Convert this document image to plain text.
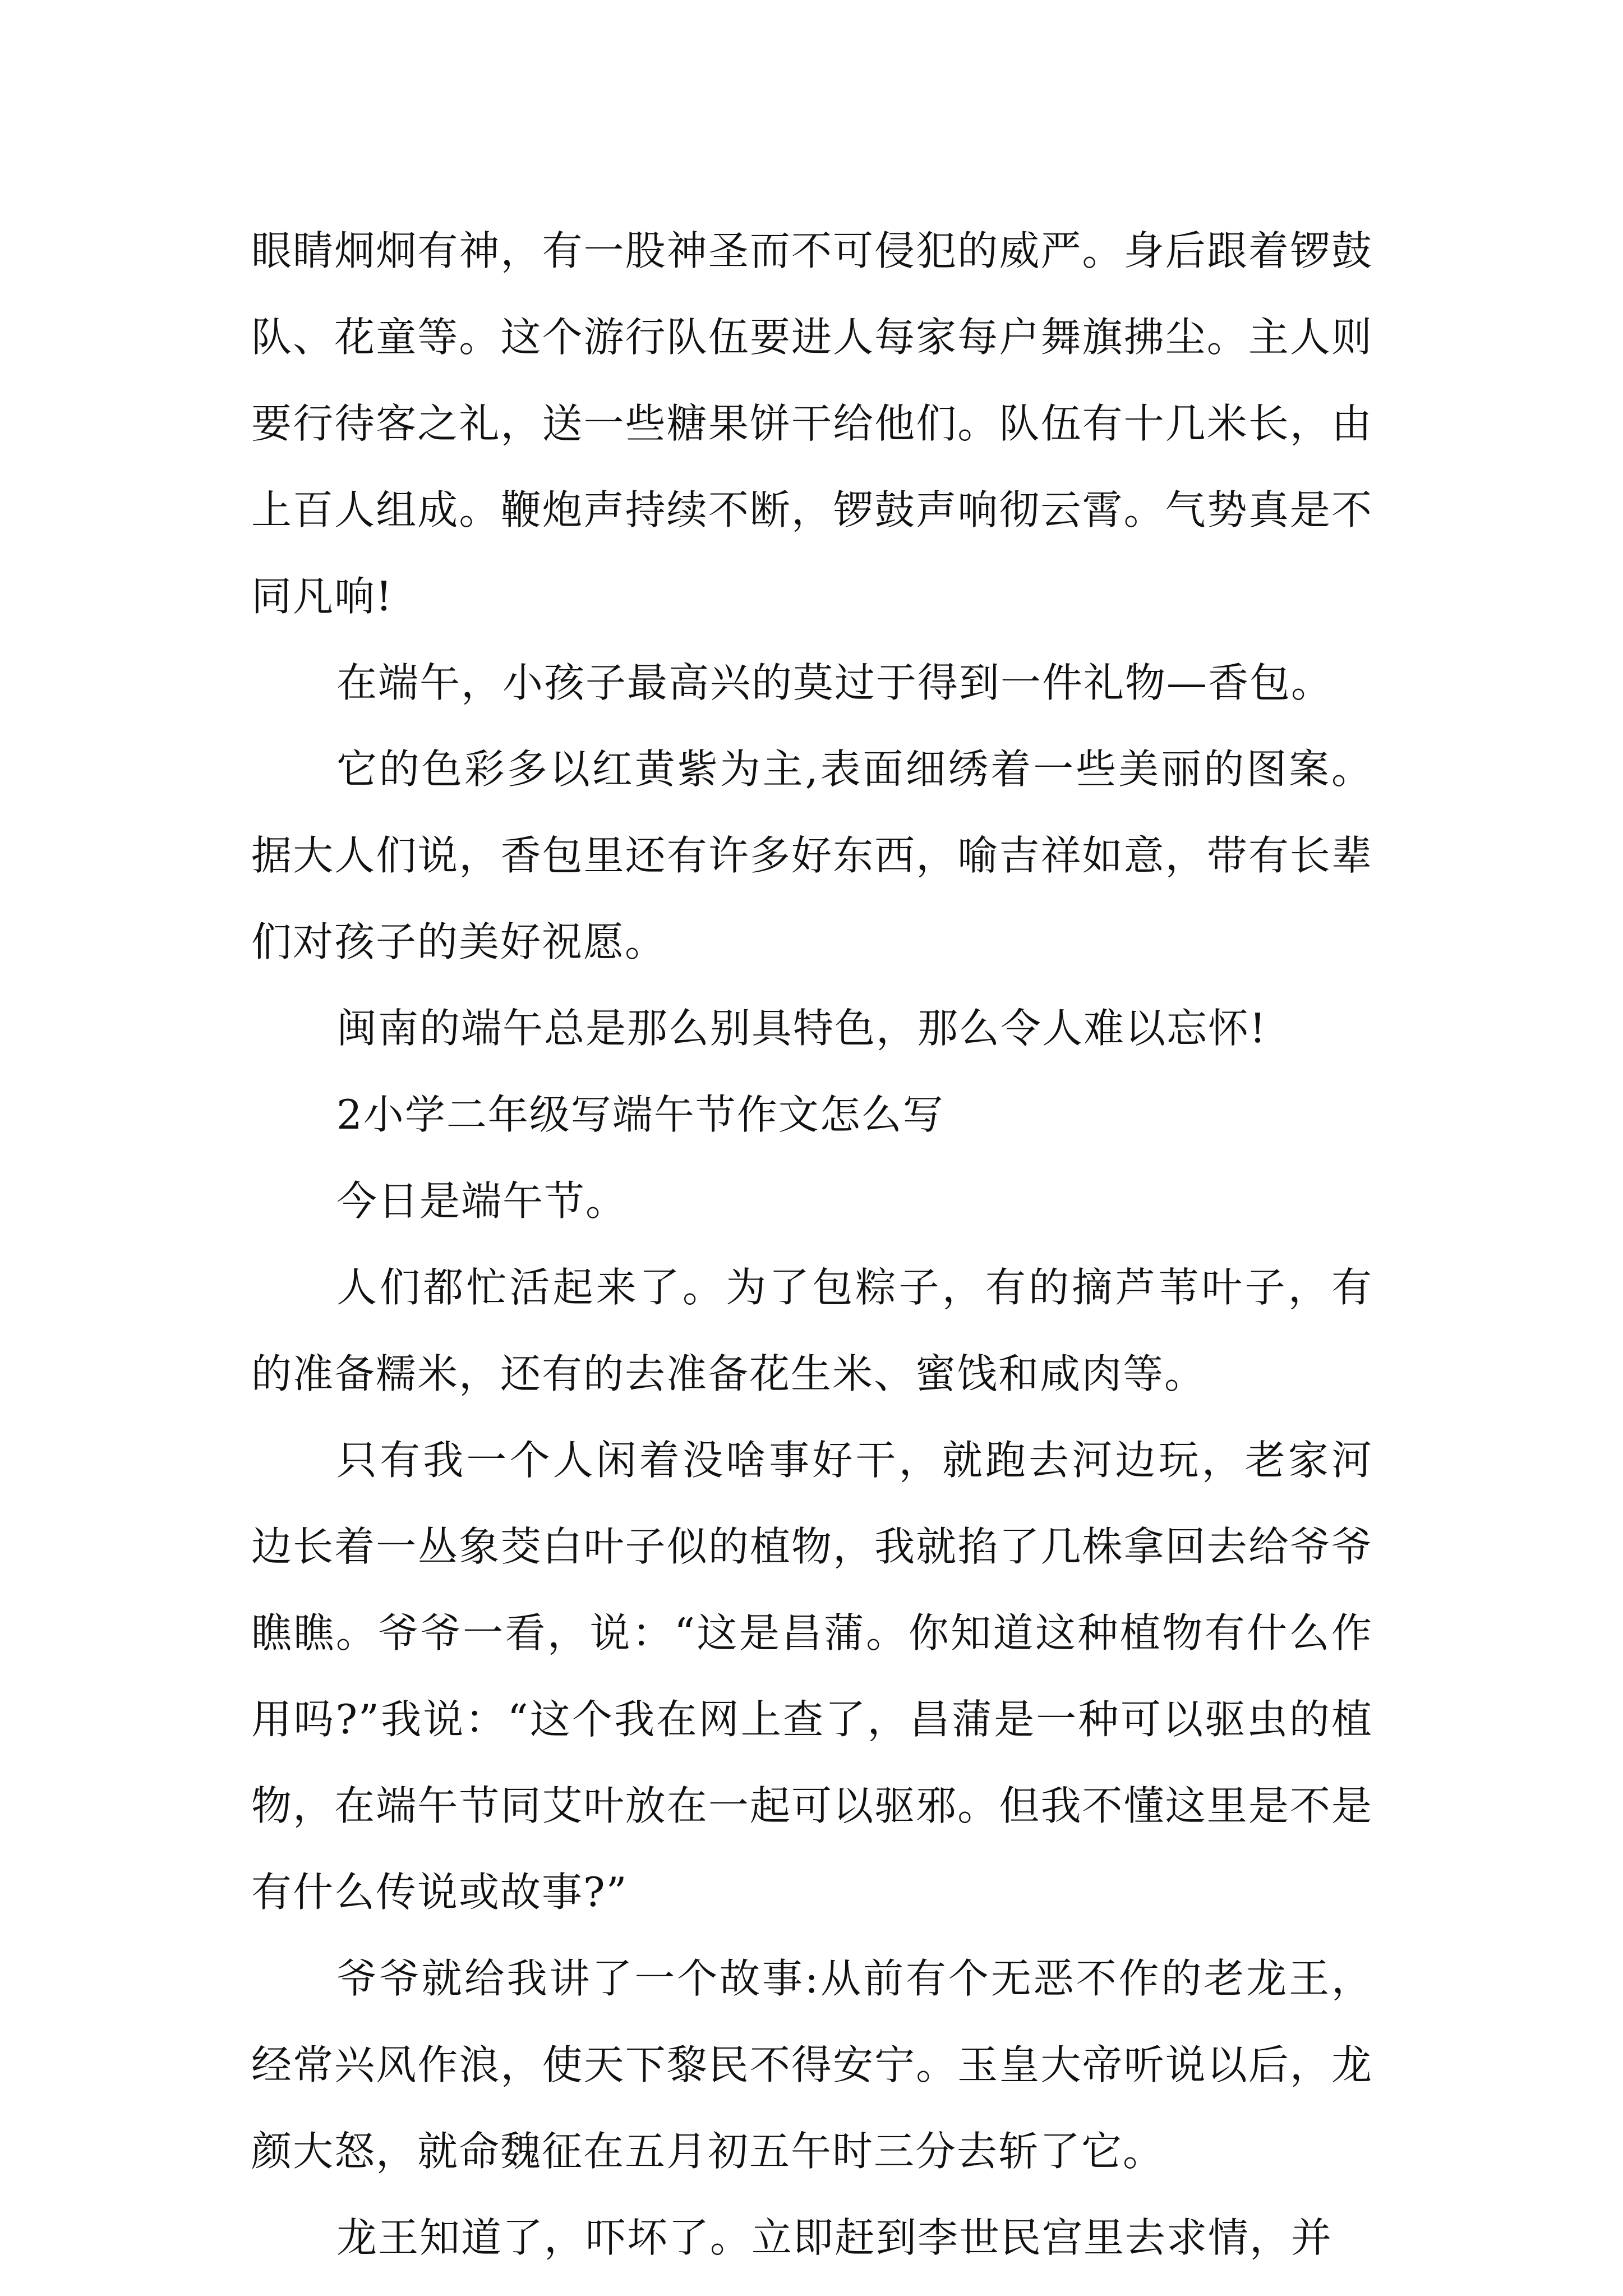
眼睛炯炯有神，有一股神圣而不可侵犯的威严。身后跟着锣鼓队、花童等。这个游行队伍要进人每家每户舞旗拂尘。主人则要行待客之礼，送一些糖果饼干给他们。队伍有十几米长，由上百人组成。鞭炮声持续不断，锣鼓声响彻云霄。气势真是不同凡响!

在端午，小孩子最高兴的莫过于得到一件礼物—香包。

它的色彩多以红黄紫为主,表面细绣着一些美丽的图案。据大人们说，香包里还有许多好东西，喻吉祥如意，带有长辈们对孩子的美好祝愿。

闽南的端午总是那么别具特色，那么令人难以忘怀!

2小学二年级写端午节作文怎么写

今日是端午节。

人们都忙活起来了。为了包粽子，有的摘芦苇叶子，有的准备糯米，还有的去准备花生米、蜜饯和咸肉等。

只有我一个人闲着没啥事好干，就跑去河边玩，老家河边长着一丛象茭白叶子似的植物，我就掐了几株拿回去给爷爷瞧瞧。爷爷一看，说：“这是昌蒲。你知道这种植物有什么作用吗?”我说：“这个我在网上查了，昌蒲是一种可以驱虫的植物，在端午节同艾叶放在一起可以驱邪。但我不懂这里是不是有什么传说或故事?”

爷爷就给我讲了一个故事:从前有个无恶不作的老龙王，经常兴风作浪，使天下黎民不得安宁。玉皇大帝听说以后，龙颜大怒，就命魏征在五月初五午时三分去斩了它。

龙王知道了，吓坏了。立即赶到李世民宫里去求情，并
